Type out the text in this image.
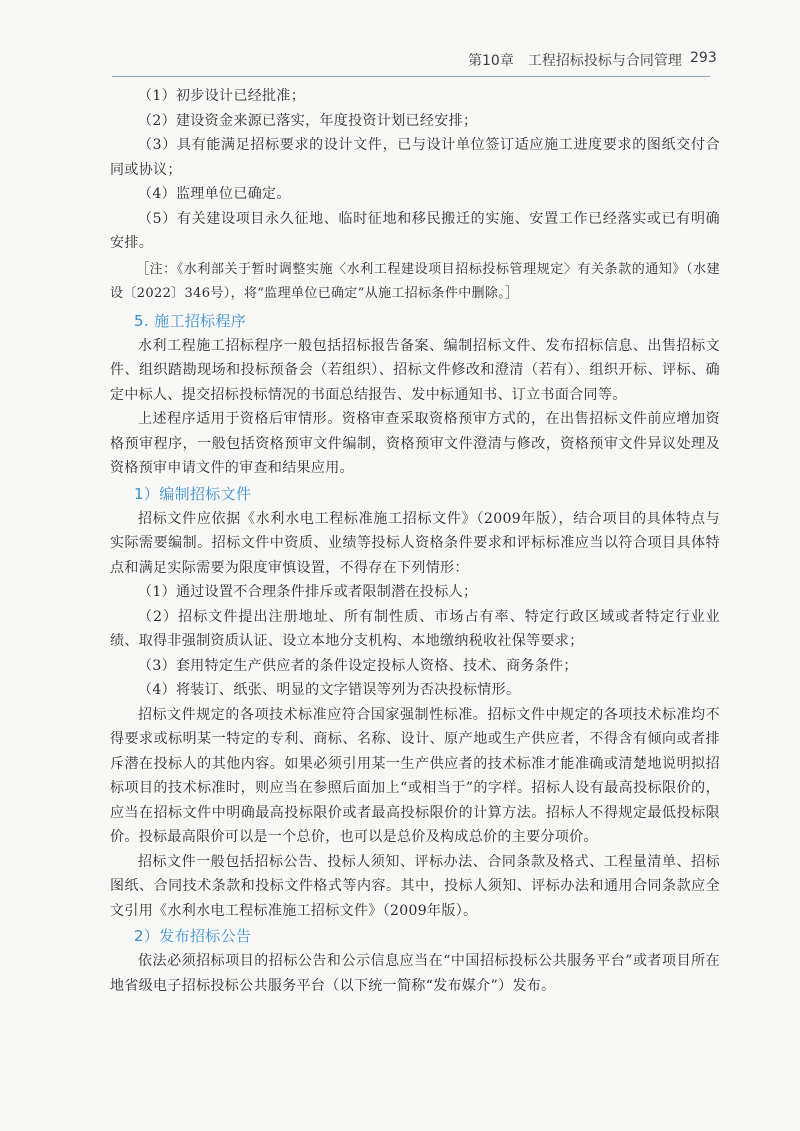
第10章　工程招标投标与合同管理 293

（1）初步设计已经批准；

（2）建设资金来源已落实，年度投资计划已经安排；

（3）具有能满足招标要求的设计文件，已与设计单位签订适应施工进度要求的图纸交付合同或协议；

（4）监理单位已确定。

（5）有关建设项目永久征地、临时征地和移民搬迁的实施、安置工作已经落实或已有明确安排。

［注：《水利部关于暂时调整实施〈水利工程建设项目招标投标管理规定〉有关条款的通知》（水建设〔2022〕346号），将“监理单位已确定”从施工招标条件中删除。］

5. 施工招标程序

水利工程施工招标程序一般包括招标报告备案、编制招标文件、发布招标信息、出售招标文件、组织踏勘现场和投标预备会（若组织）、招标文件修改和澄清（若有）、组织开标、评标、确定中标人、提交招标投标情况的书面总结报告、发中标通知书、订立书面合同等。

上述程序适用于资格后审情形。资格审查采取资格预审方式的，在出售招标文件前应增加资格预审程序，一般包括资格预审文件编制，资格预审文件澄清与修改，资格预审文件异议处理及资格预审申请文件的审查和结果应用。

1）编制招标文件

招标文件应依据《水利水电工程标准施工招标文件》（2009年版），结合项目的具体特点与实际需要编制。招标文件中资质、业绩等投标人资格条件要求和评标标准应当以符合项目具体特点和满足实际需要为限度审慎设置，不得存在下列情形：

（1）通过设置不合理条件排斥或者限制潜在投标人；

（2）招标文件提出注册地址、所有制性质、市场占有率、特定行政区域或者特定行业业绩、取得非强制资质认证、设立本地分支机构、本地缴纳税收社保等要求；

（3）套用特定生产供应者的条件设定投标人资格、技术、商务条件；

（4）将装订、纸张、明显的文字错误等列为否决投标情形。

招标文件规定的各项技术标准应符合国家强制性标准。招标文件中规定的各项技术标准均不得要求或标明某一特定的专利、商标、名称、设计、原产地或生产供应者，不得含有倾向或者排斥潜在投标人的其他内容。如果必须引用某一生产供应者的技术标准才能准确或清楚地说明拟招标项目的技术标准时，则应当在参照后面加上“或相当于”的字样。招标人设有最高投标限价的，应当在招标文件中明确最高投标限价或者最高投标限价的计算方法。招标人不得规定最低投标限价。投标最高限价可以是一个总价，也可以是总价及构成总价的主要分项价。

招标文件一般包括招标公告、投标人须知、评标办法、合同条款及格式、工程量清单、招标图纸、合同技术条款和投标文件格式等内容。其中，投标人须知、评标办法和通用合同条款应全文引用《水利水电工程标准施工招标文件》（2009年版）。

2）发布招标公告

依法必须招标项目的招标公告和公示信息应当在“中国招标投标公共服务平台”或者项目所在地省级电子招标投标公共服务平台（以下统一简称“发布媒介”）发布。
